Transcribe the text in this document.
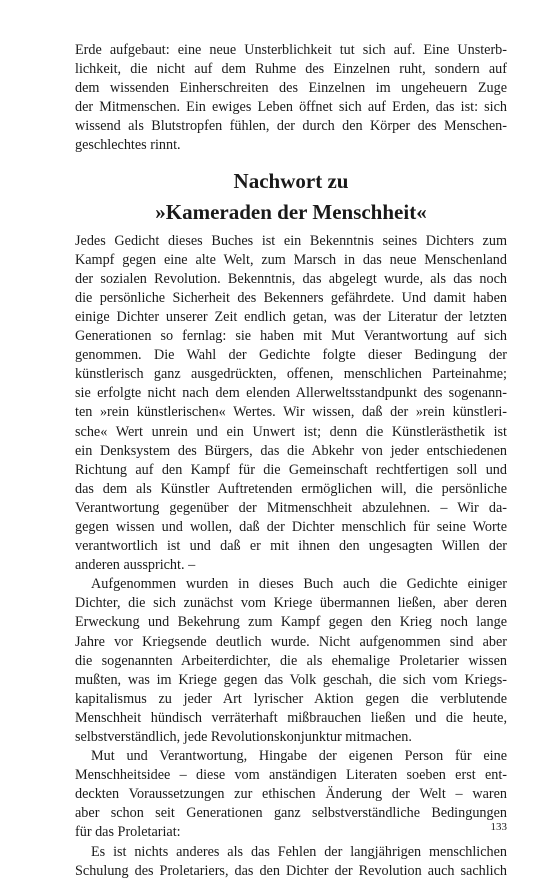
Erde aufgebaut: eine neue Unsterblichkeit tut sich auf. Eine Unsterb-
lichkeit, die nicht auf dem Ruhme des Einzelnen ruht, sondern auf
dem wissenden Einherschreiten des Einzelnen im ungeheuern Zuge
der Mitmenschen. Ein ewiges Leben öffnet sich auf Erden, das ist: sich
wissend als Blutstropfen fühlen, der durch den Körper des Menschen-
geschlechtes rinnt.
Nachwort zu
»Kameraden der Menschheit«
Jedes Gedicht dieses Buches ist ein Bekenntnis seines Dichters zum
Kampf gegen eine alte Welt, zum Marsch in das neue Menschenland
der sozialen Revolution. Bekenntnis, das abgelegt wurde, als das noch
die persönliche Sicherheit des Bekenners gefährdete. Und damit haben
einige Dichter unserer Zeit endlich getan, was der Literatur der letzten
Generationen so fernlag: sie haben mit Mut Verantwortung auf sich
genommen. Die Wahl der Gedichte folgte dieser Bedingung der
künstlerisch ganz ausgedrückten, offenen, menschlichen Parteinahme;
sie erfolgte nicht nach dem elenden Allerweltsstandpunkt des sogenann-
ten »rein künstlerischen« Wertes. Wir wissen, daß der »rein künstleri-
sche« Wert unrein und ein Unwert ist; denn die Künstlerästhetik ist
ein Denksystem des Bürgers, das die Abkehr von jeder entschiedenen
Richtung auf den Kampf für die Gemeinschaft rechtfertigen soll und
das dem als Künstler Auftretenden ermöglichen will, die persönliche
Verantwortung gegenüber der Mitmenschheit abzulehnen. – Wir da-
gegen wissen und wollen, daß der Dichter menschlich für seine Worte
verantwortlich ist und daß er mit ihnen den ungesagten Willen der
anderen ausspricht. –
Aufgenommen wurden in dieses Buch auch die Gedichte einiger
Dichter, die sich zunächst vom Kriege übermannen ließen, aber deren
Erweckung und Bekehrung zum Kampf gegen den Krieg noch lange
Jahre vor Kriegsende deutlich wurde. Nicht aufgenommen sind aber
die sogenannten Arbeiterdichter, die als ehemalige Proletarier wissen
mußten, was im Kriege gegen das Volk geschah, die sich vom Kriegs-
kapitalismus zu jeder Art lyrischer Aktion gegen die verblutende
Menschheit hündisch verräterhaft mißbrauchen ließen und die heute,
selbstverständlich, jede Revolutionskonjunktur mitmachen.
Mut und Verantwortung, Hingabe der eigenen Person für eine
Menschheitsidee – diese vom anständigen Literaten soeben erst ent-
deckten Voraussetzungen zur ethischen Änderung der Welt – waren
aber schon seit Generationen ganz selbstverständliche Bedingungen
für das Proletariat:
Es ist nichts anderes als das Fehlen der langjährigen menschlichen
Schulung des Proletariers, das den Dichter der Revolution auch sachlich
133
